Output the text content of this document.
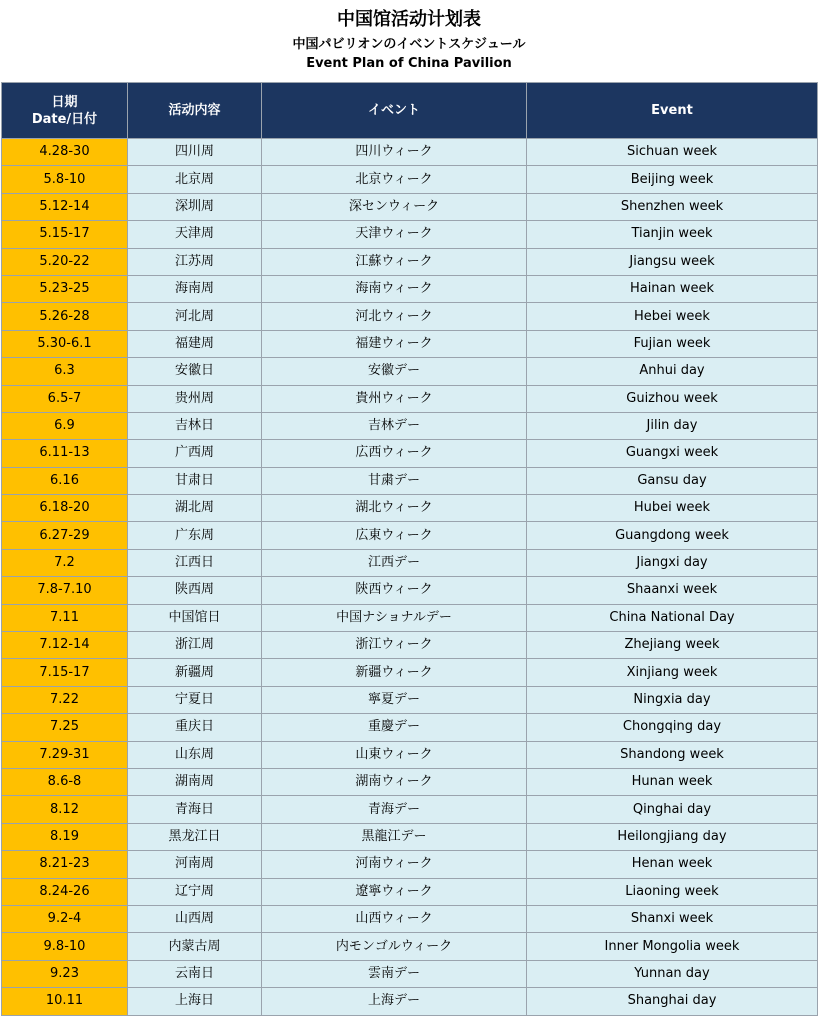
中国馆活动计划表
中国パビリオンのイベントスケジュール
Event Plan of China Pavilion
日期
Date/日付	活动内容	イベント	Event
4.28-30	四川周	四川ウィーク	Sichuan week
5.8-10	北京周	北京ウィーク	Beijing week
5.12-14	深圳周	深センウィーク	Shenzhen week
5.15-17	天津周	天津ウィーク	Tianjin week
5.20-22	江苏周	江蘇ウィーク	Jiangsu week
5.23-25	海南周	海南ウィーク	Hainan week
5.26-28	河北周	河北ウィーク	Hebei week
5.30-6.1	福建周	福建ウィーク	Fujian week
6.3	安徽日	安徽デー	Anhui day
6.5-7	贵州周	貴州ウィーク	Guizhou week
6.9	吉林日	吉林デー	Jilin day
6.11-13	广西周	広西ウィーク	Guangxi week
6.16	甘肃日	甘粛デー	Gansu day
6.18-20	湖北周	湖北ウィーク	Hubei week
6.27-29	广东周	広東ウィーク	Guangdong week
7.2	江西日	江西デー	Jiangxi day
7.8-7.10	陕西周	陝西ウィーク	Shaanxi week
7.11	中国馆日	中国ナショナルデー	China National Day
7.12-14	浙江周	浙江ウィーク	Zhejiang week
7.15-17	新疆周	新疆ウィーク	Xinjiang week
7.22	宁夏日	寧夏デー	Ningxia day
7.25	重庆日	重慶デー	Chongqing day
7.29-31	山东周	山東ウィーク	Shandong week
8.6-8	湖南周	湖南ウィーク	Hunan week
8.12	青海日	青海デー	Qinghai day
8.19	黑龙江日	黒龍江デー	Heilongjiang day
8.21-23	河南周	河南ウィーク	Henan week
8.24-26	辽宁周	遼寧ウィーク	Liaoning week
9.2-4	山西周	山西ウィーク	Shanxi week
9.8-10	内蒙古周	内モンゴルウィーク	Inner Mongolia week
9.23	云南日	雲南デー	Yunnan day
10.11	上海日	上海デー	Shanghai day
